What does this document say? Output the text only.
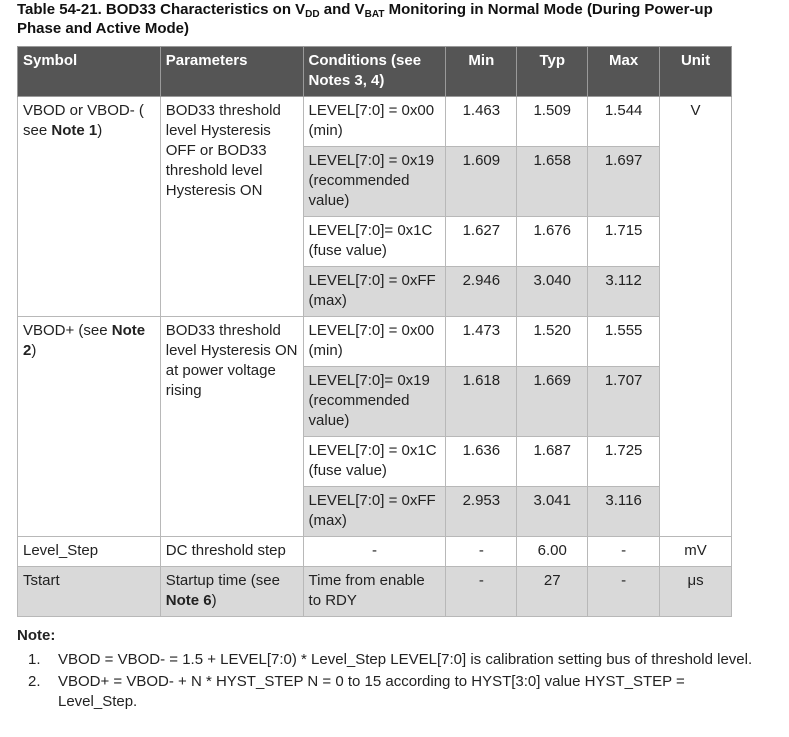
Table 54-21. BOD33 Characteristics on $V_{DD}$ and $V_{BAT}$ Monitoring in Normal Mode (During Power-up Phase and Active Mode)
Symbol	Parameters	Conditions (see Notes 3, 4)	Min	Typ	Max	Unit
VBOD or VBOD- ( see Note 1)	BOD33 threshold level Hysteresis OFF or BOD33 threshold level Hysteresis ON	LEVEL[7:0] = 0x00 (min)	1.463	1.509	1.544	V
		LEVEL[7:0] = 0x19 (recommended value)	1.609	1.658	1.697	
		LEVEL[7:0]= 0x1C (fuse value)	1.627	1.676	1.715	
		LEVEL[7:0] = 0xFF (max)	2.946	3.040	3.112	
VBOD+ (see Note 2)	BOD33 threshold level Hysteresis ON at power voltage rising	LEVEL[7:0] = 0x00 (min)	1.473	1.520	1.555	
		LEVEL[7:0]= 0x19 (recommended value)	1.618	1.669	1.707	
		LEVEL[7:0] = 0x1C (fuse value)	1.636	1.687	1.725	
		LEVEL[7:0] = 0xFF (max)	2.953	3.041	3.116	
Level_Step	DC threshold step	-	-	6.00	-	mV
Tstart	Startup time (see Note 6)	Time from enable to RDY	-	27	-	μs
Note:
1. VBOD = VBOD- = 1.5 + LEVEL[7:0) * Level_Step LEVEL[7:0] is calibration setting bus of threshold level.
2. VBOD+ = VBOD- + N * HYST_STEP N = 0 to 15 according to HYST[3:0] value HYST_STEP = Level_Step.
